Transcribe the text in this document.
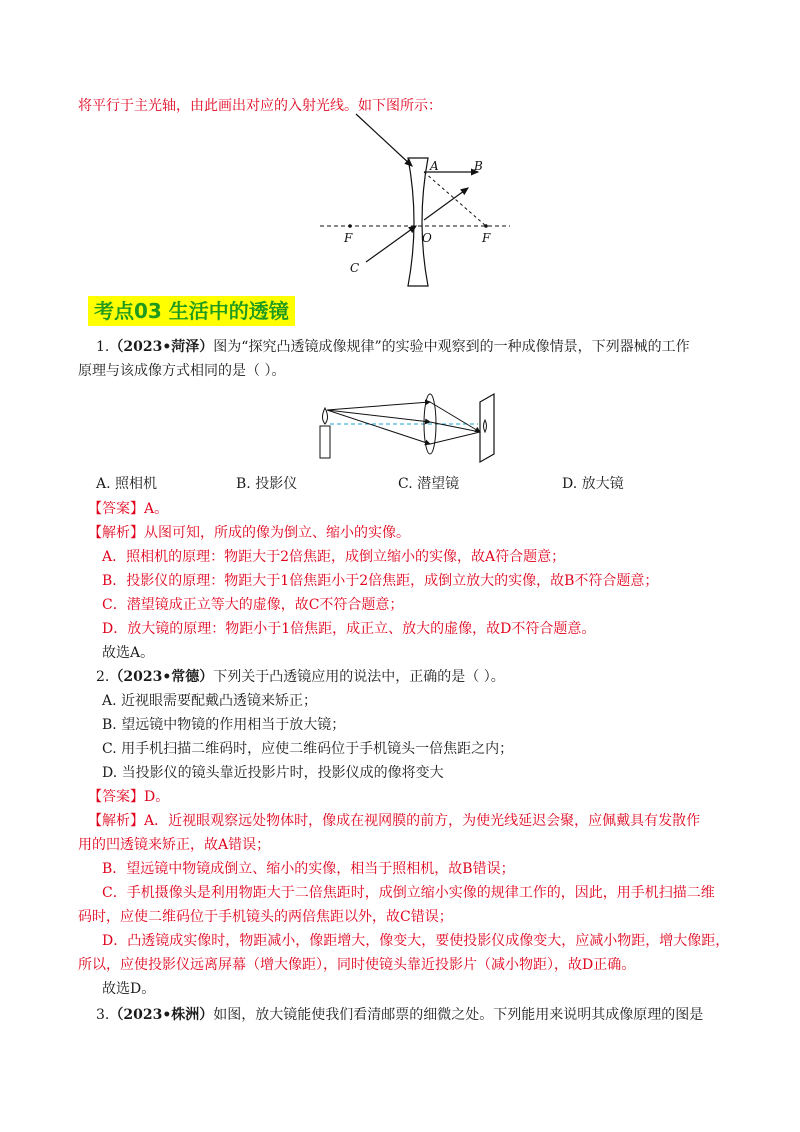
将平行于主光轴，由此画出对应的入射光线。如下图所示：
A	B
C
O
F	F
考点03 生活中的透镜
1.（2023•菏泽）图为“探究凸透镜成像规律”的实验中观察到的一种成像情景，下列器械的工作
原理与该成像方式相同的是（ ）。
A. 照相机	B. 投影仪	C. 潜望镜	D. 放大镜
【答案】A。
【解析】从图可知，所成的像为倒立、缩小的实像。
A．照相机的原理：物距大于2倍焦距，成倒立缩小的实像，故A符合题意；
B．投影仪的原理：物距大于1倍焦距小于2倍焦距，成倒立放大的实像，故B不符合题意；
C．潜望镜成正立等大的虚像，故C不符合题意；
D．放大镜的原理：物距小于1倍焦距，成正立、放大的虚像，故D不符合题意。
故选A。
2.（2023•常德）下列关于凸透镜应用的说法中，正确的是（ ）。
A. 近视眼需要配戴凸透镜来矫正；
B. 望远镜中物镜的作用相当于放大镜；
C. 用手机扫描二维码时，应使二维码位于手机镜头一倍焦距之内；
D. 当投影仪的镜头靠近投影片时，投影仪成的像将变大
【答案】D。
【解析】A．近视眼观察远处物体时，像成在视网膜的前方，为使光线延迟会聚，应佩戴具有发散作
用的凹透镜来矫正，故A错误；
B．望远镜中物镜成倒立、缩小的实像，相当于照相机，故B错误；
C．手机摄像头是利用物距大于二倍焦距时，成倒立缩小实像的规律工作的，因此，用手机扫描二维
码时，应使二维码位于手机镜头的两倍焦距以外，故C错误；
D．凸透镜成实像时，物距减小，像距增大，像变大，要使投影仪成像变大，应减小物距，增大像距，
所以，应使投影仪远离屏幕（增大像距），同时使镜头靠近投影片（减小物距），故D正确。
故选D。
3.（2023•株洲）如图，放大镜能使我们看清邮票的细微之处。下列能用来说明其成像原理的图是
